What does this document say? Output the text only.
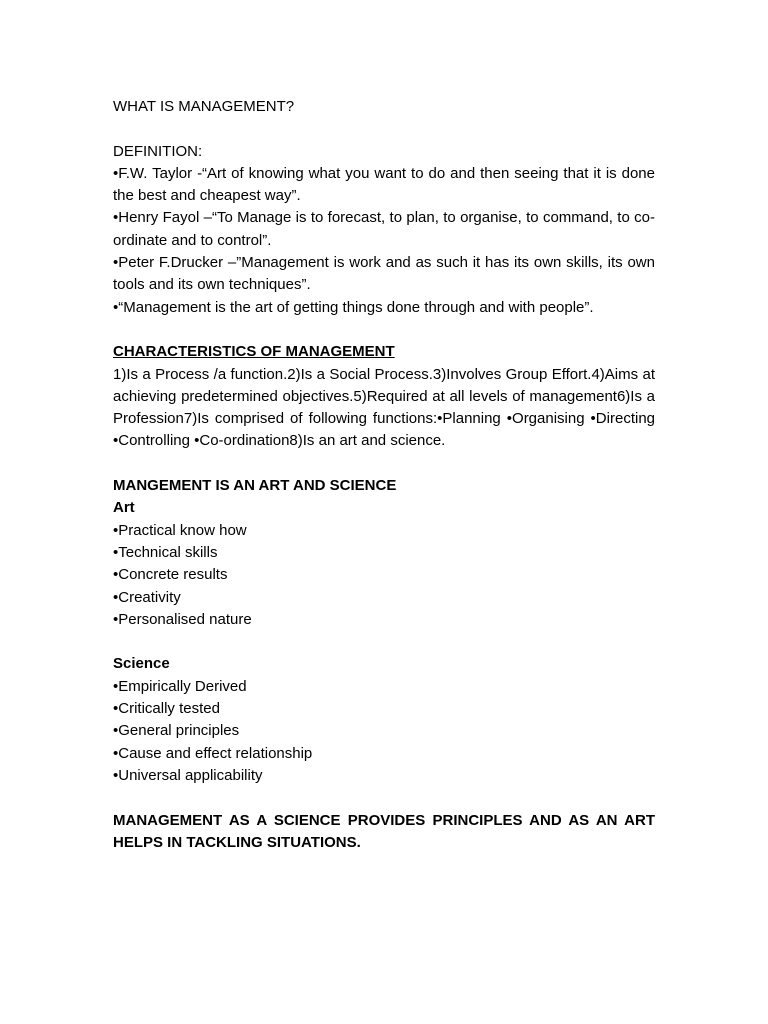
WHAT IS MANAGEMENT?
DEFINITION:
•F.W. Taylor -“Art of knowing what you want to do and then seeing that it is done the best and cheapest way”.
•Henry Fayol –“To Manage is to forecast, to plan, to organise, to command, to co-ordinate and to control”.
•Peter F.Drucker –”Management is work and as such it has its own skills, its own tools and its own techniques”.
•“Management is the art of getting things done through and with people”.
CHARACTERISTICS OF MANAGEMENT
1)Is a Process /a function.2)Is a Social Process.3)Involves Group Effort.4)Aims at achieving predetermined objectives.5)Required at all levels of management6)Is a Profession7)Is comprised of following functions:•Planning •Organising •Directing •Controlling •Co-ordination8)Is an art and science.
MANGEMENT IS AN ART AND SCIENCE
Art
•Practical know how
•Technical skills
•Concrete results
•Creativity
•Personalised nature
Science
•Empirically Derived
•Critically tested
•General principles
•Cause and effect relationship
•Universal applicability
MANAGEMENT AS A SCIENCE PROVIDES PRINCIPLES AND AS AN ART HELPS IN TACKLING SITUATIONS.
